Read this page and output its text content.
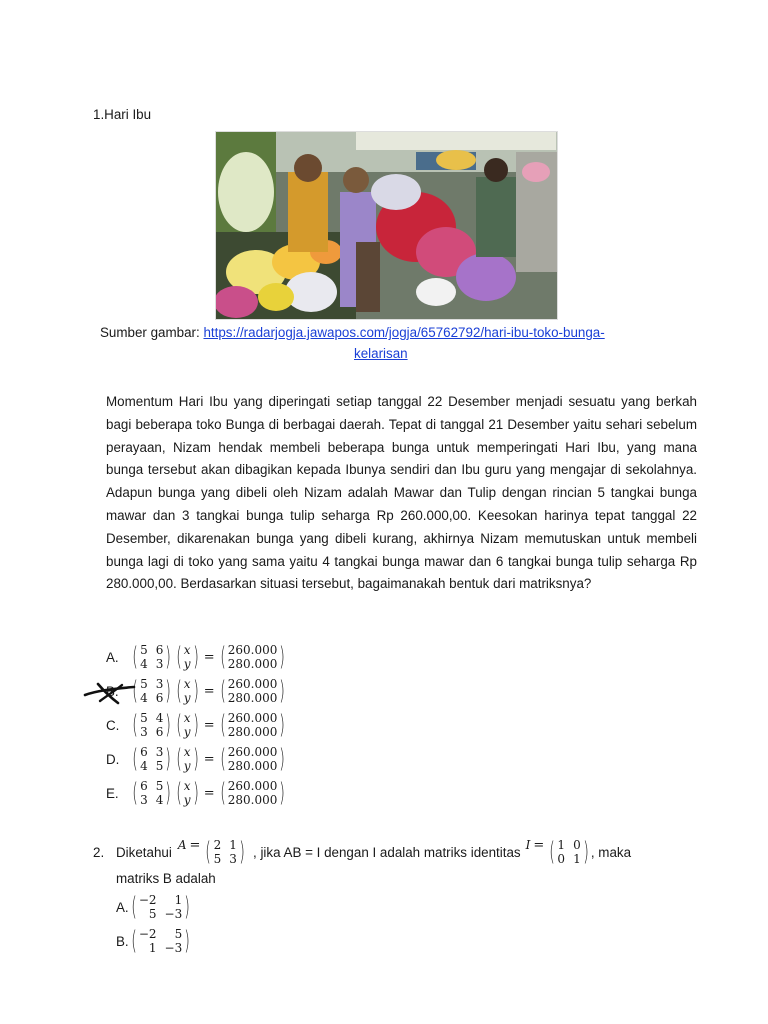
1.Hari Ibu
Sumber gambar: https://radarjogja.jawapos.com/jogja/65762792/hari-ibu-toko-bunga-
kelarisan
Momentum Hari Ibu yang diperingati setiap tanggal 22 Desember menjadi sesuatu yang berkah bagi beberapa toko Bunga di berbagai daerah. Tepat di tanggal 21 Desember yaitu sehari sebelum perayaan, Nizam hendak membeli beberapa bunga untuk memperingati Hari Ibu, yang mana bunga tersebut akan dibagikan kepada Ibunya sendiri dan Ibu guru yang mengajar di sekolahnya. Adapun bunga yang dibeli oleh Nizam adalah Mawar dan Tulip dengan rincian 5 tangkai bunga mawar dan 3 tangkai bunga tulip seharga Rp 260.000,00. Keesokan harinya tepat tanggal 22 Desember, dikarenakan bunga yang dibeli kurang, akhirnya Nizam memutuskan untuk membeli bunga lagi di toko yang sama yaitu 4 tangkai bunga mawar dan 6 tangkai bunga tulip seharga Rp 280.000,00. Berdasarkan situasi tersebut, bagaimanakah bentuk dari matriksnya?
A. ( 5 6
4 3 ) ( x
y ) = ( 260.000
280.000 )
B. ( 5 3
4 6 ) ( x
y ) = ( 260.000
280.000 )
C. ( 5 4
3 6 ) ( x
y ) = ( 260.000
280.000 )
D. ( 6 3
4 5 ) ( x
y ) = ( 260.000
280.000 )
E. ( 6 5
3 4 ) ( x
y ) = ( 260.000
280.000 )
2. Diketahui A = ( 2 1
5 3 ) , jika AB = I dengan I adalah matriks identitas I = ( 1 0
0 1 ) , maka
matriks B adalah
A. ( −2	1
5 −3 )
B. ( −2	5
1 −3 )
